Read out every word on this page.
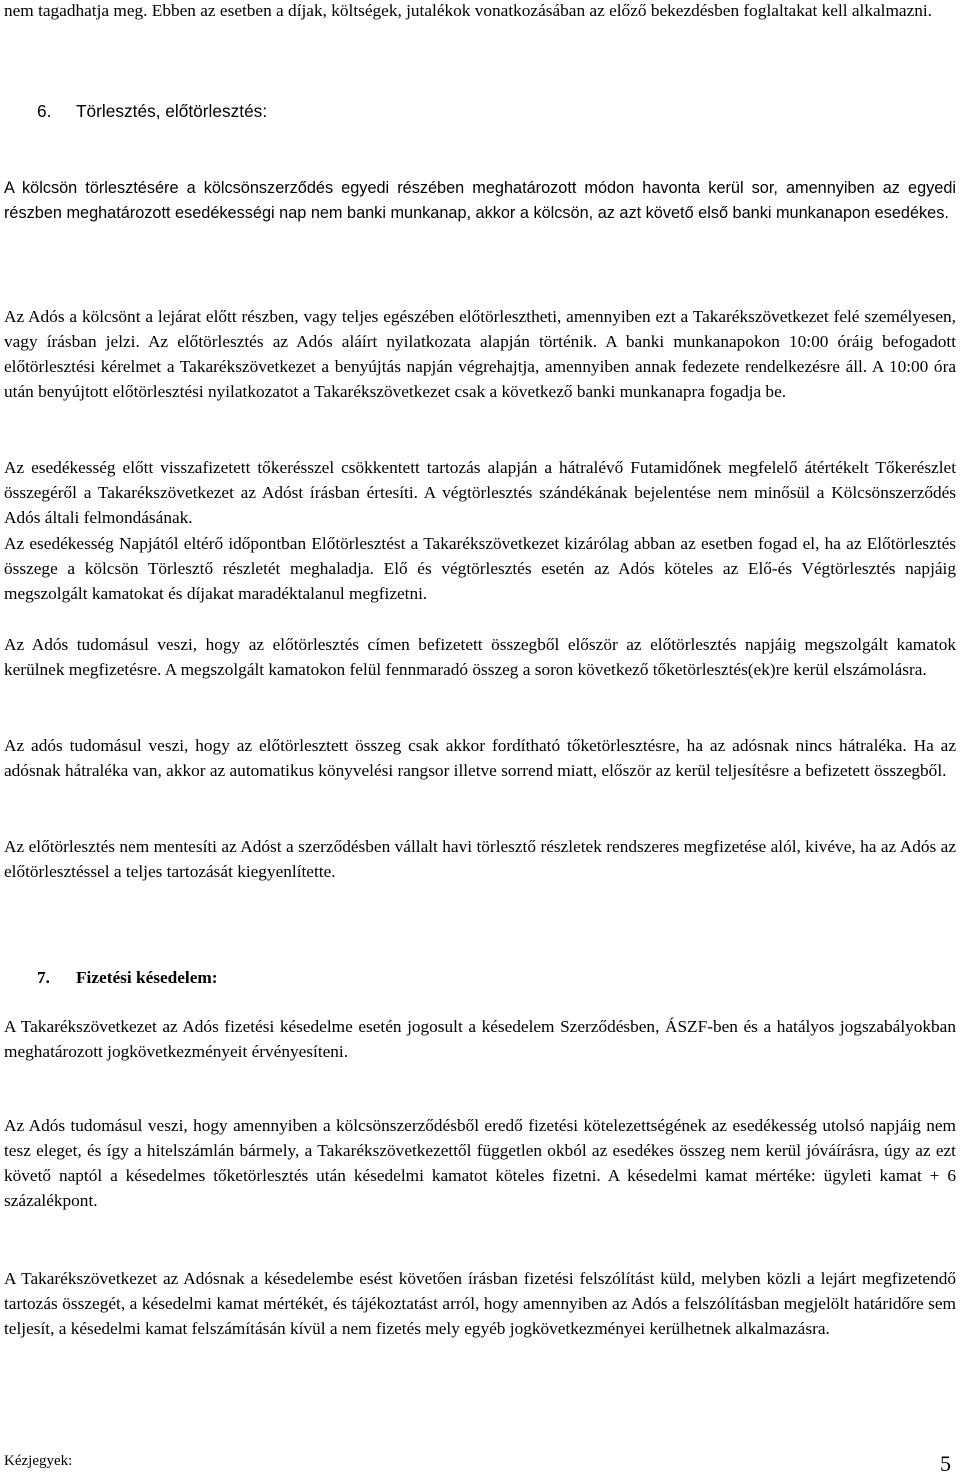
nem tagadhatja meg. Ebben az esetben a díjak, költségek, jutalékok vonatkozásában az előző bekezdésben foglaltakat kell alkalmazni.

6. Törlesztés, előtörlesztés:

A kölcsön törlesztésére a kölcsönszerződés egyedi részében meghatározott módon havonta kerül sor, amennyiben az egyedi részben meghatározott esedékességi nap nem banki munkanap, akkor a kölcsön, az azt követő első banki munkanapon esedékes.

Az Adós a kölcsönt a lejárat előtt részben, vagy teljes egészében előtörlesztheti, amennyiben ezt a Takarékszövetkezet felé személyesen, vagy írásban jelzi. Az előtörlesztés az Adós aláírt nyilatkozata alapján történik. A banki munkanapokon 10:00 óráig befogadott előtörlesztési kérelmet a Takarékszövetkezet a benyújtás napján végrehajtja, amennyiben annak fedezete rendelkezésre áll. A 10:00 óra után benyújtott előtörlesztési nyilatkozatot a Takarékszövetkezet csak a következő banki munkanapra fogadja be.

Az esedékesség előtt visszafizetett tőkerésszel csökkentett tartozás alapján a hátralévő Futamidőnek megfelelő átértékelt Tőkerészlet összegéről a Takarékszövetkezet az Adóst írásban értesíti. A végtörlesztés szándékának bejelentése nem minősül a Kölcsönszerződés Adós általi felmondásának.

Az esedékesség Napjától eltérő időpontban Előtörlesztést a Takarékszövetkezet kizárólag abban az esetben fogad el, ha az Előtörlesztés összege a kölcsön Törlesztő részletét meghaladja. Elő és végtörlesztés esetén az Adós köteles az Elő-és Végtörlesztés napjáig megszolgált kamatokat és díjakat maradéktalanul megfizetni.

Az Adós tudomásul veszi, hogy az előtörlesztés címen befizetett összegből először az előtörlesztés napjáig megszolgált kamatok kerülnek megfizetésre. A megszolgált kamatokon felül fennmaradó összeg a soron következő tőketörlesztés(ek)re kerül elszámolásra.

Az adós tudomásul veszi, hogy az előtörlesztett összeg csak akkor fordítható tőketörlesztésre, ha az adósnak nincs hátraléka. Ha az adósnak hátraléka van, akkor az automatikus könyvelési rangsor illetve sorrend miatt, először az kerül teljesítésre a befizetett összegből.

Az előtörlesztés nem mentesíti az Adóst a szerződésben vállalt havi törlesztő részletek rendszeres megfizetése alól, kivéve, ha az Adós az előtörlesztéssel a teljes tartozását kiegyenlítette.

7. Fizetési késedelem:

A Takarékszövetkezet az Adós fizetési késedelme esetén jogosult a késedelem Szerződésben, ÁSZF-ben és a hatályos jogszabályokban meghatározott jogkövetkezményeit érvényesíteni.

Az Adós tudomásul veszi, hogy amennyiben a kölcsönszerződésből eredő fizetési kötelezettségének az esedékesség utolsó napjáig nem tesz eleget, és így a hitelszámlán bármely, a Takarékszövetkezettől független okból az esedékes összeg nem kerül jóváírásra, úgy az ezt követő naptól a késedelmes tőketörlesztés után késedelmi kamatot köteles fizetni. A késedelmi kamat mértéke: ügyleti kamat + 6 százalékpont.

A Takarékszövetkezet az Adósnak a késedelembe esést követően írásban fizetési felszólítást küld, melyben közli a lejárt megfizetendő tartozás összegét, a késedelmi kamat mértékét, és tájékoztatást arról, hogy amennyiben az Adós a felszólításban megjelölt határidőre sem teljesít, a késedelmi kamat felszámításán kívül a nem fizetés mely egyéb jogkövetkezményei kerülhetnek alkalmazásra.

Kézjegyek:	5
